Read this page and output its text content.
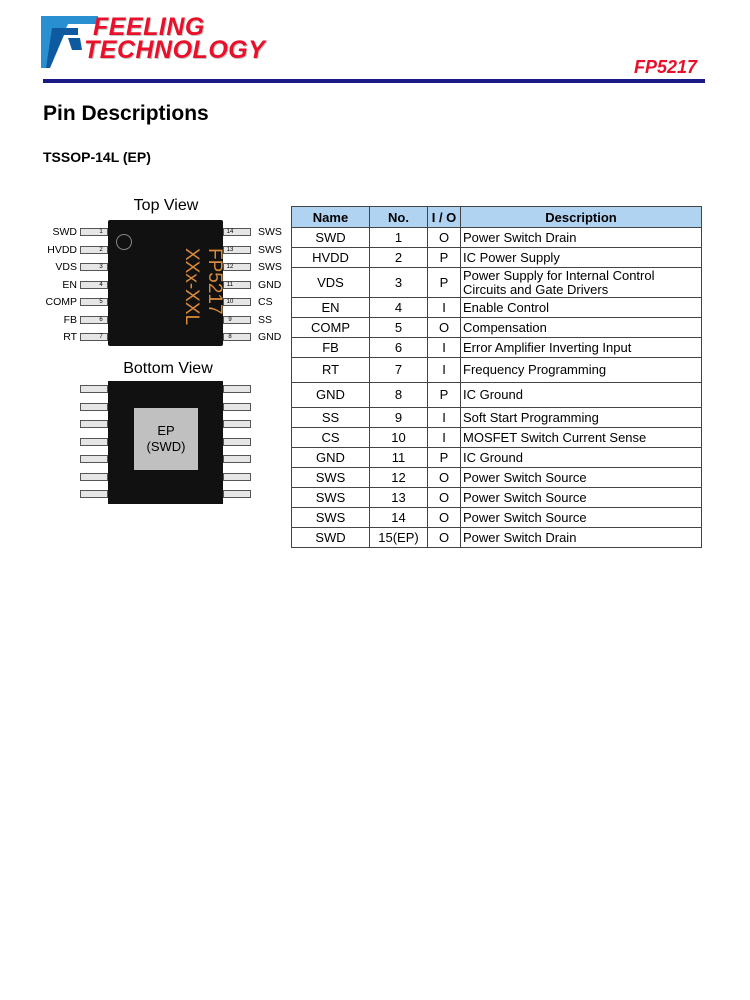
FEELING
TECHNOLOGY
FP5217
Pin Descriptions
TSSOP-14L (EP)
Top View
1
SWD
2
HVDD
3
VDS
4
EN
5
COMP
6
FB
7
RT
14 SWS
13 SWS
12 SWS
11 GND
10 CS
9	SS
8	GND
FP5217
XXx-XXL
Bottom View
EP
(SWD)
Name	No.	I / O	Description
SWD	1	O	Power Switch Drain

HVDD	2	P	IC Power Supply

VDS	3	P	Power Supply for Internal Control
Circuits and Gate Drivers

EN	4	I	Enable Control

COMP	5	O	Compensation

FB	6	I	Error Amplifier Inverting Input

RT	7	I	Frequency Programming

GND	8	P	IC Ground

SS	9	I	Soft Start Programming

CS	10	I	MOSFET Switch Current Sense

GND	11	P	IC Ground

SWS	12	O	Power Switch Source

SWS	13	O	Power Switch Source

SWS	14	O	Power Switch Source

SWD	15(EP)	O	Power Switch Drain
